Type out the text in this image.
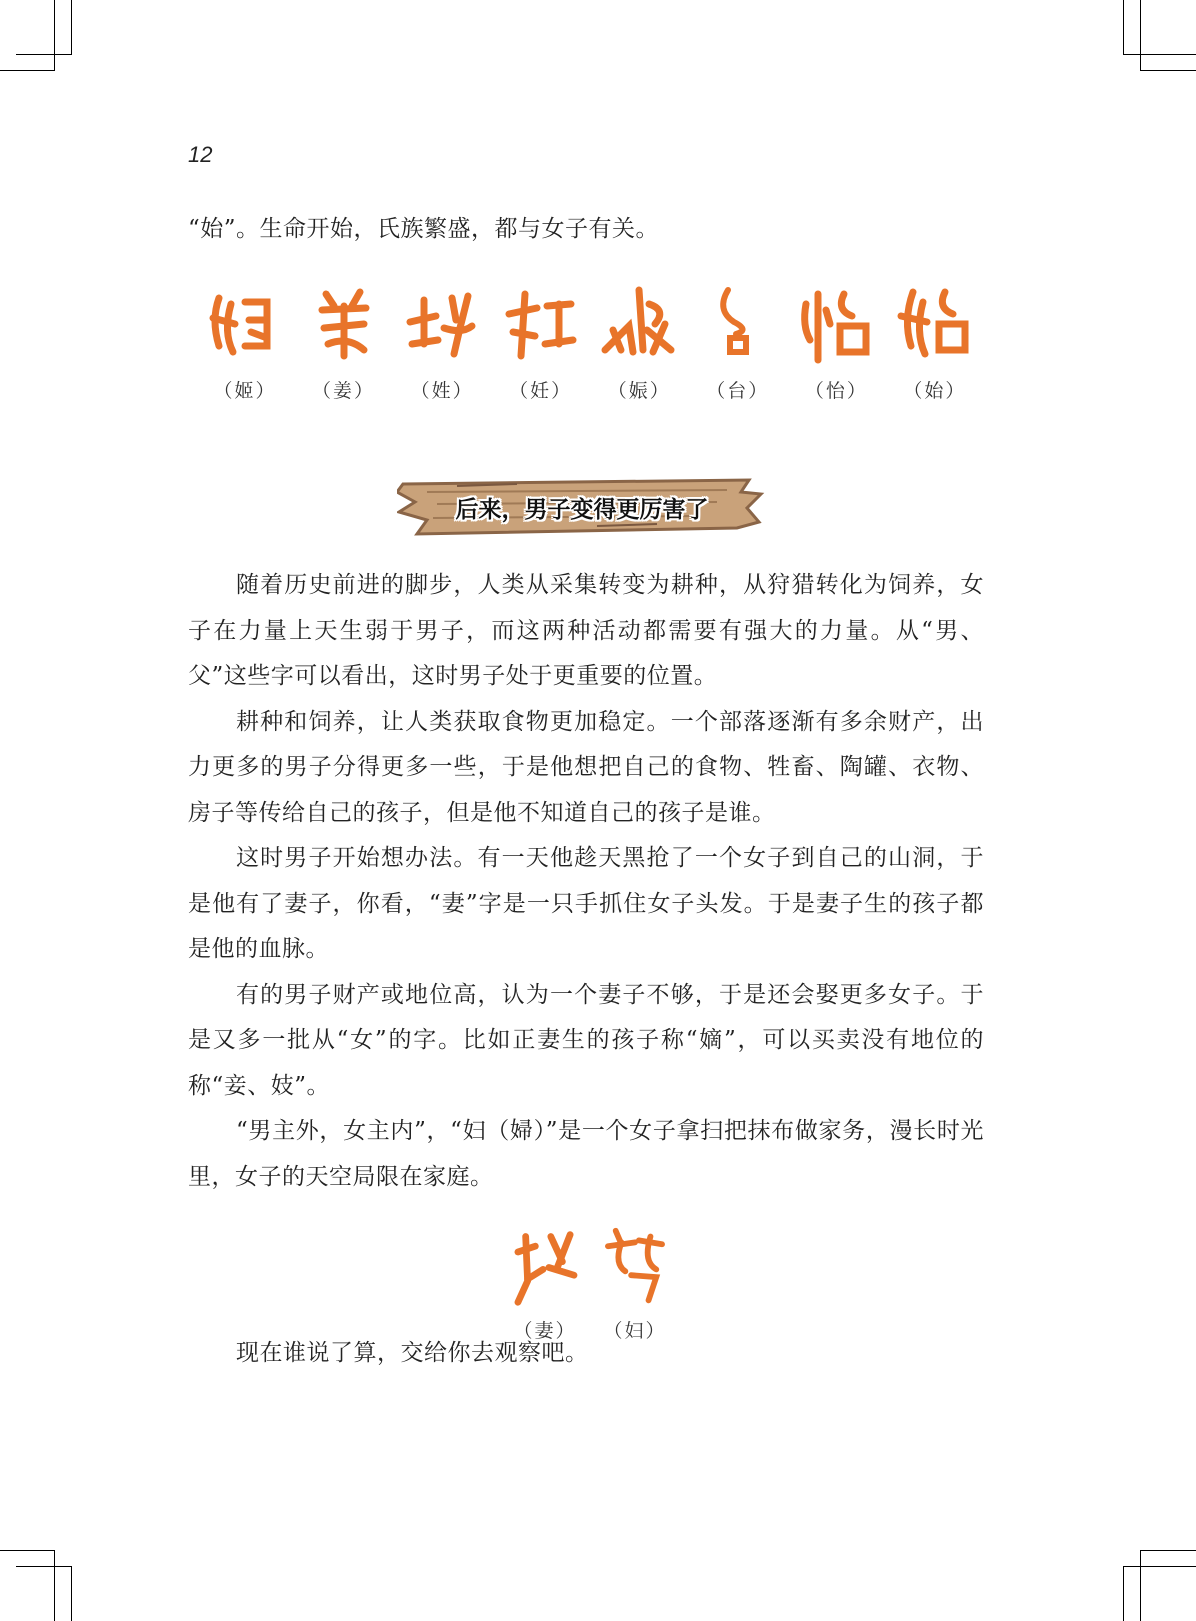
12

“始”。生命开始，氏族繁盛，都与女子有关。

（姬） （姜） （姓） （妊） （娠） （台） （怡） （始）
后来，男子变得更厉害了

随着历史前进的脚步，人类从采集转变为耕种，从狩猎转化为饲养，女子在力量上天生弱于男子，而这两种活动都需要有强大的力量。从“男、父”这些字可以看出，这时男子处于更重要的位置。

耕种和饲养，让人类获取食物更加稳定。一个部落逐渐有多余财产，出力更多的男子分得更多一些，于是他想把自己的食物、牲畜、陶罐、衣物、房子等传给自己的孩子，但是他不知道自己的孩子是谁。

这时男子开始想办法。有一天他趁天黑抢了一个女子到自己的山洞，于是他有了妻子，你看，“妻”字是一只手抓住女子头发。于是妻子生的孩子都是他的血脉。

有的男子财产或地位高，认为一个妻子不够，于是还会娶更多女子。于是又多一批从“女”的字。比如正妻生的孩子称“嫡”，可以买卖没有地位的称“妾、妓”。

“男主外，女主内”，“妇（婦）”是一个女子拿扫把抹布做家务，漫长时光里，女子的天空局限在家庭。

（妻） （妇）

现在谁说了算，交给你去观察吧。
